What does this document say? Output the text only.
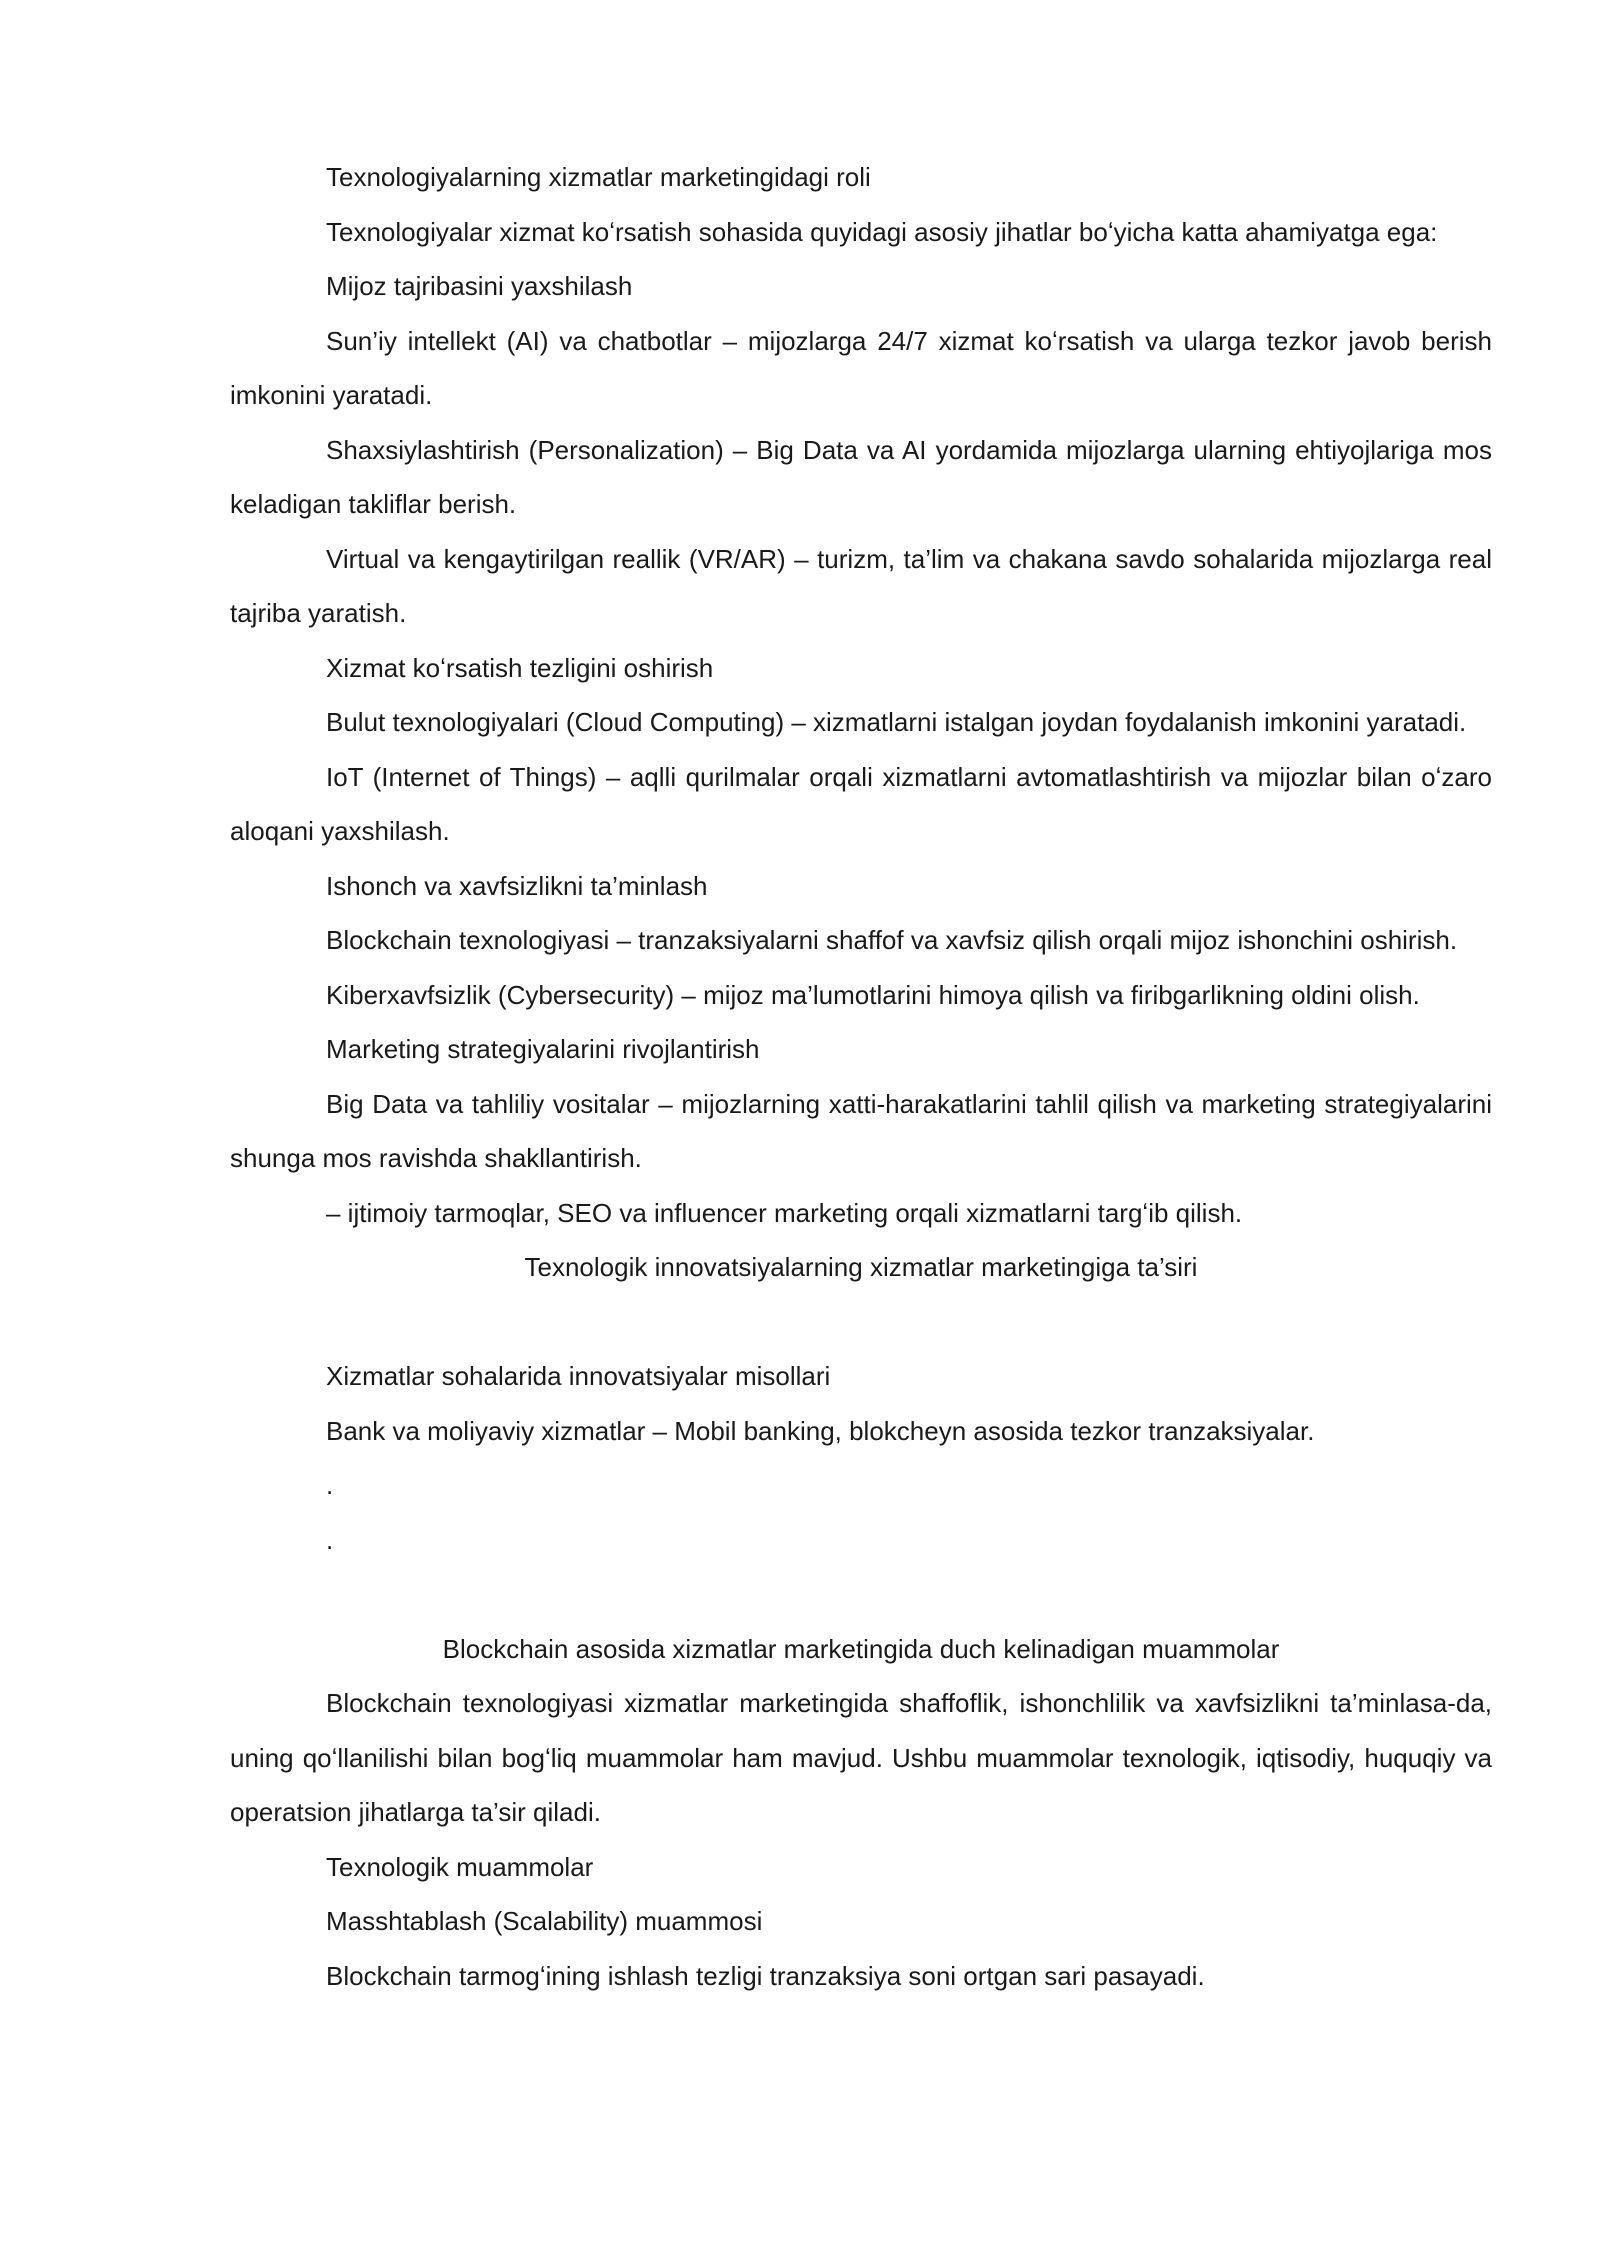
Texnologiyalarning xizmatlar marketingidagi roli

Texnologiyalar xizmat koʻrsatish sohasida quyidagi asosiy jihatlar boʻyicha katta ahamiyatga ega:

Mijoz tajribasini yaxshilash

Sun’iy intellekt (AI) va chatbotlar – mijozlarga 24/7 xizmat koʻrsatish va ularga tezkor javob berish imkonini yaratadi.

Shaxsiylashtirish (Personalization) – Big Data va AI yordamida mijozlarga ularning ehtiyojlariga mos keladigan takliflar berish.

Virtual va kengaytirilgan reallik (VR/AR) – turizm, ta’lim va chakana savdo sohalarida mijozlarga real tajriba yaratish.

Xizmat koʻrsatish tezligini oshirish

Bulut texnologiyalari (Cloud Computing) – xizmatlarni istalgan joydan foydalanish imkonini yaratadi.

IoT (Internet of Things) – aqlli qurilmalar orqali xizmatlarni avtomatlashtirish va mijozlar bilan oʻzaro aloqani yaxshilash.

Ishonch va xavfsizlikni ta’minlash

Blockchain texnologiyasi – tranzaksiyalarni shaffof va xavfsiz qilish orqali mijoz ishonchini oshirish.

Kiberxavfsizlik (Cybersecurity) – mijoz ma’lumotlarini himoya qilish va firibgarlikning oldini olish.

Marketing strategiyalarini rivojlantirish

Big Data va tahliliy vositalar – mijozlarning xatti-harakatlarini tahlil qilish va marketing strategiyalarini shunga mos ravishda shakllantirish.

– ijtimoiy tarmoqlar, SEO va influencer marketing orqali xizmatlarni targʻib qilish.

Texnologik innovatsiyalarning xizmatlar marketingiga ta’siri

Xizmatlar sohalarida innovatsiyalar misollari

Bank va moliyaviy xizmatlar – Mobil banking, blokcheyn asosida tezkor tranzaksiyalar.

.

.

Blockchain asosida xizmatlar marketingida duch kelinadigan muammolar

Blockchain texnologiyasi xizmatlar marketingida shaffoflik, ishonchlilik va xavfsizlikni ta’minlasa-da, uning qoʻllanilishi bilan bogʻliq muammolar ham mavjud. Ushbu muammolar texnologik, iqtisodiy, huquqiy va operatsion jihatlarga ta’sir qiladi.

Texnologik muammolar

Masshtablash (Scalability) muammosi

Blockchain tarmogʻining ishlash tezligi tranzaksiya soni ortgan sari pasayadi.
